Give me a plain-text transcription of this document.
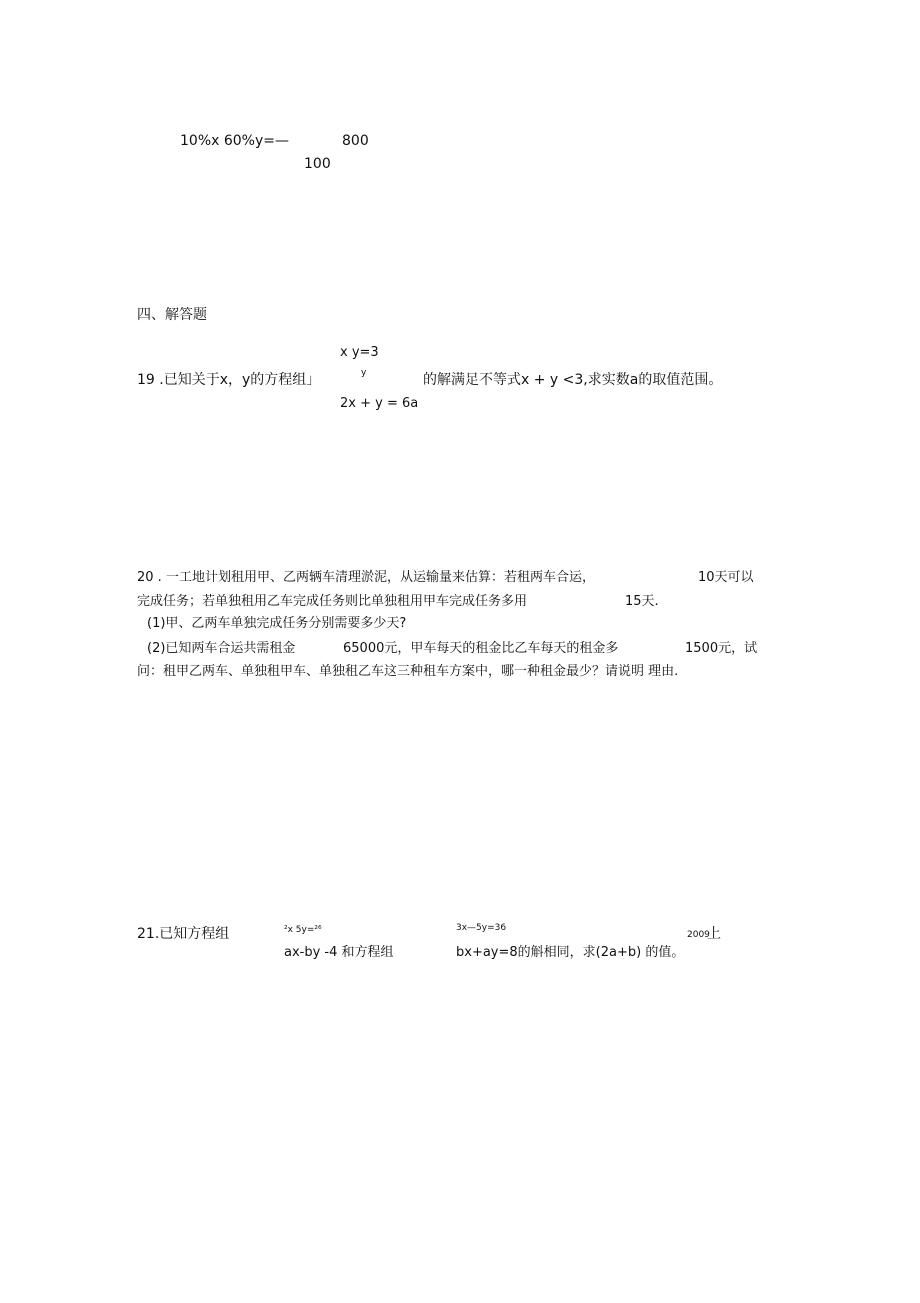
10%x 60%y=—	800
100
四、解答题
x y=3
y
19 .已知关于x，y的方程组」	的解满足不等式x + y <3,求实数a的取值范围。
2x + y = 6a
20 . 一工地计划租用甲、乙两辆车清理淤泥，从运输量来估算：若租两车合运，	10天可以
完成任务；若单独租用乙车完成任务则比单独租用甲车完成任务多用	15天.
(1)甲、乙两车单独完成任务分别需要多少天?
(2)已知两车合运共需租金	65000元，甲车每天的租金比乙车每天的租金多	1500元，试
问：租甲乙两车、单独租甲车、单独租乙车这三种租车方案中，哪一种租金最少？请说明 理由.
21.已知方程组	²x 5y=²⁶	3x—5y=36
2009
上
ax-by -4 和方程组	bx+ay=8的斛相同，求(2a+b) 的值。
